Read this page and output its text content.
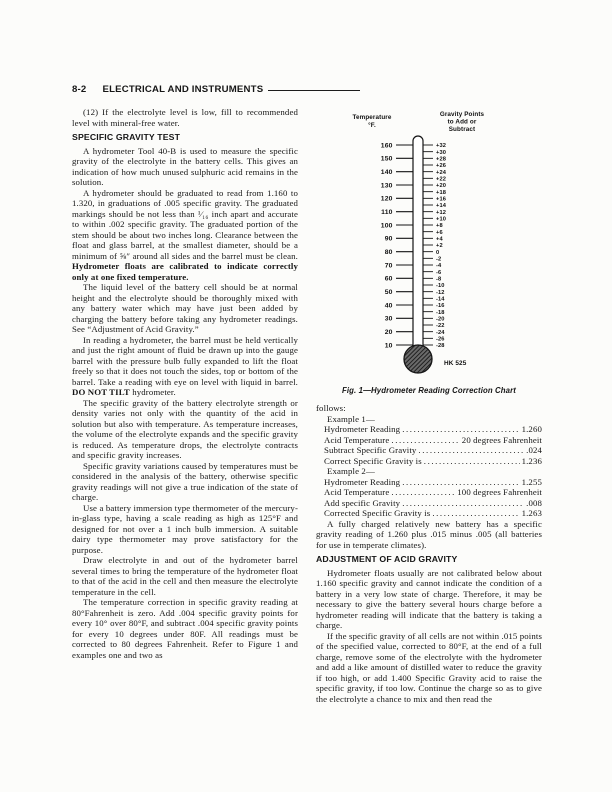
8-2 ELECTRICAL AND INSTRUMENTS

(12) If the electrolyte level is low, fill to recommended level with mineral-free water.

SPECIFIC GRAVITY TEST

A hydrometer Tool 40-B is used to measure the specific gravity of the electrolyte in the battery cells. This gives an indication of how much unused sulphuric acid remains in the solution.

A hydrometer should be graduated to read from 1.160 to 1.320, in graduations of .005 specific gravity. The graduated markings should be not less than ¹⁄₁₆ inch apart and accurate to within .002 specific gravity. The graduated portion of the stem should be about two inches long. Clearance between the float and glass barrel, at the smallest diameter, should be a minimum of ⅝″ around all sides and the barrel must be clean. Hydrometer floats are calibrated to indicate correctly only at one fixed temperature.

The liquid level of the battery cell should be at normal height and the electrolyte should be thoroughly mixed with any battery water which may have just been added by charging the battery before taking any hydrometer readings. See “Adjustment of Acid Gravity.”

In reading a hydrometer, the barrel must be held vertically and just the right amount of fluid be drawn up into the gauge barrel with the pressure bulb fully expanded to lift the float freely so that it does not touch the sides, top or bottom of the barrel. Take a reading with eye on level with liquid in barrel. DO NOT TILT hydrometer.

The specific gravity of the battery electrolyte strength or density varies not only with the quantity of the acid in solution but also with temperature. As temperature increases, the volume of the electrolyte expands and the specific gravity is reduced. As temperature drops, the electrolyte contracts and specific gravity increases.

Specific gravity variations caused by temperatures must be considered in the analysis of the battery, otherwise specific gravity readings will not give a true indication of the state of charge.

Use a battery immersion type thermometer of the mercury-in-glass type, having a scale reading as high as 125°F and designed for not over a 1 inch bulb immersion. A suitable dairy type thermometer may prove satisfactory for the purpose.

Draw electrolyte in and out of the hydrometer barrel several times to bring the temperature of the hydrometer float to that of the acid in the cell and then measure the electrolyte temperature in the cell.

The temperature correction in specific gravity reading at 80°Fahrenheit is zero. Add .004 specific gravity points for every 10° over 80°F, and subtract .004 specific gravity points for every 10 degrees under 80F. All readings must be corrected to 80 degrees Fahrenheit. Refer to Figure 1 and examples one and two as

Temperature
°F.
Gravity Points
to Add or
Subtract
160
150
140
130
120
110
100
90
80
70
60
50
40
30
20
10
+32
+30
+28
+26
+24
+22
+20
+18
+16
+14
+12
+10
+8
+6
+4
+2
0
-2
-4
-6
-8
-10
-12
-14
-16
-18
-20
-22
-24
-26
-28
HK 525
Fig. 1—Hydrometer Reading Correction Chart

follows:

Example 1—

Hydrometer Reading .....	1.260
Acid Temperature .....	20 degrees Fahrenheit
Subtract Specific Gravity .....	.024
Correct Specific Gravity is .....	1.236

Example 2—

Hydrometer Reading .....	1.255
Acid Temperature .....	100 degrees Fahrenheit
Add specific Gravity .....	.008
Corrected Specific Gravity is .....	1.263

A fully charged relatively new battery has a specific gravity reading of 1.260 plus .015 minus .005 (all batteries for use in temperate climates).

ADJUSTMENT OF ACID GRAVITY

Hydrometer floats usually are not calibrated below about 1.160 specific gravity and cannot indicate the condition of a battery in a very low state of charge. Therefore, it may be necessary to give the battery several hours charge before a hydrometer reading will indicate that the battery is taking a charge.

If the specific gravity of all cells are not within .015 points of the specified value, corrected to 80°F, at the end of a full charge, remove some of the electrolyte with the hydrometer and add a like amount of distilled water to reduce the gravity if too high, or add 1.400 Specific Gravity acid to raise the specific gravity, if too low. Continue the charge so as to give the electrolyte a chance to mix and then read the
